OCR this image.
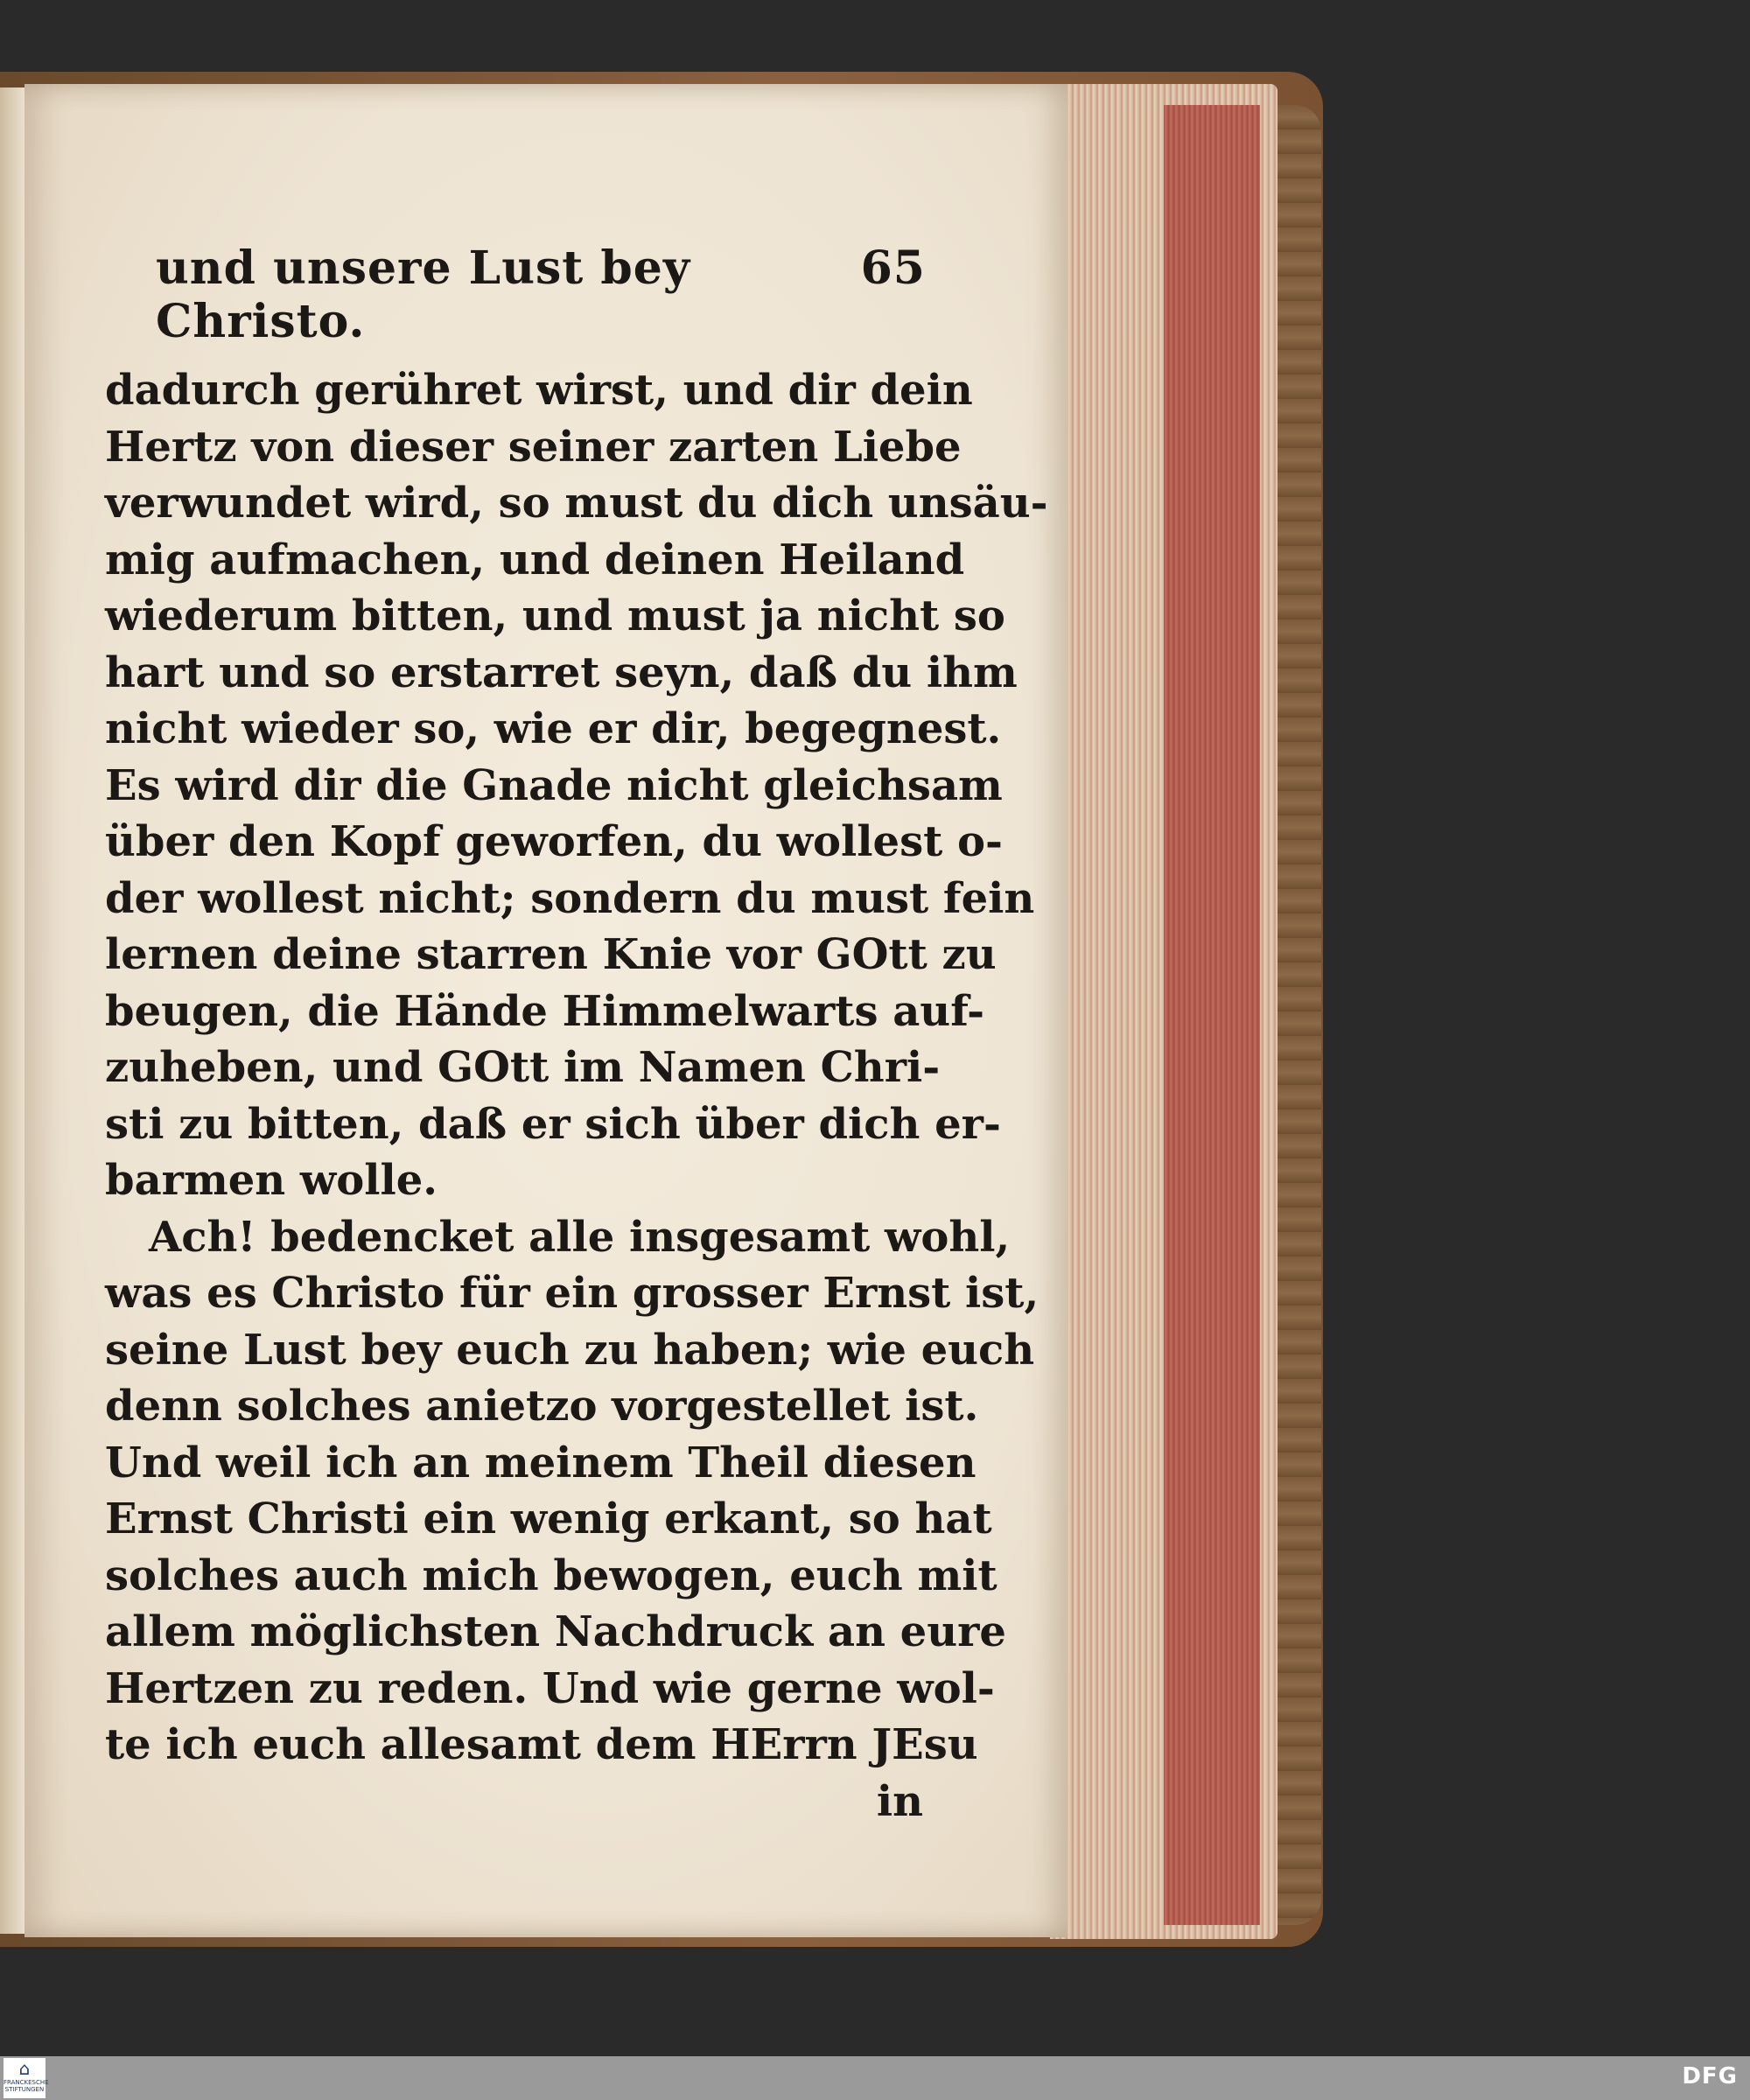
und unsere Lust bey Christo.
65
dadurch gerühret wirst, und dir dein
Hertz von dieser seiner zarten Liebe
verwundet wird, so must du dich unsäu-
mig aufmachen, und deinen Heiland
wiederum bitten, und must ja nicht so
hart und so erstarret seyn, daß du ihm
nicht wieder so, wie er dir, begegnest.
Es wird dir die Gnade nicht gleichsam
über den Kopf geworfen, du wollest o-
der wollest nicht; sondern du must fein
lernen deine starren Knie vor GOtt zu
beugen, die Hände Himmelwarts auf-
zuheben, und GOtt im Namen Chri-
sti zu bitten, daß er sich über dich er-
barmen wolle.
Ach! bedencket alle insgesamt wohl,
was es Christo für ein grosser Ernst ist,
seine Lust bey euch zu haben; wie euch
denn solches anietzo vorgestellet ist.
Und weil ich an meinem Theil diesen
Ernst Christi ein wenig erkant, so hat
solches auch mich bewogen, euch mit
allem möglichsten Nachdruck an eure
Hertzen zu reden. Und wie gerne wol-
te ich euch allesamt dem HErrn JEsu
in
⌂
FRANCKESCHE STIFTUNGEN	DFG
